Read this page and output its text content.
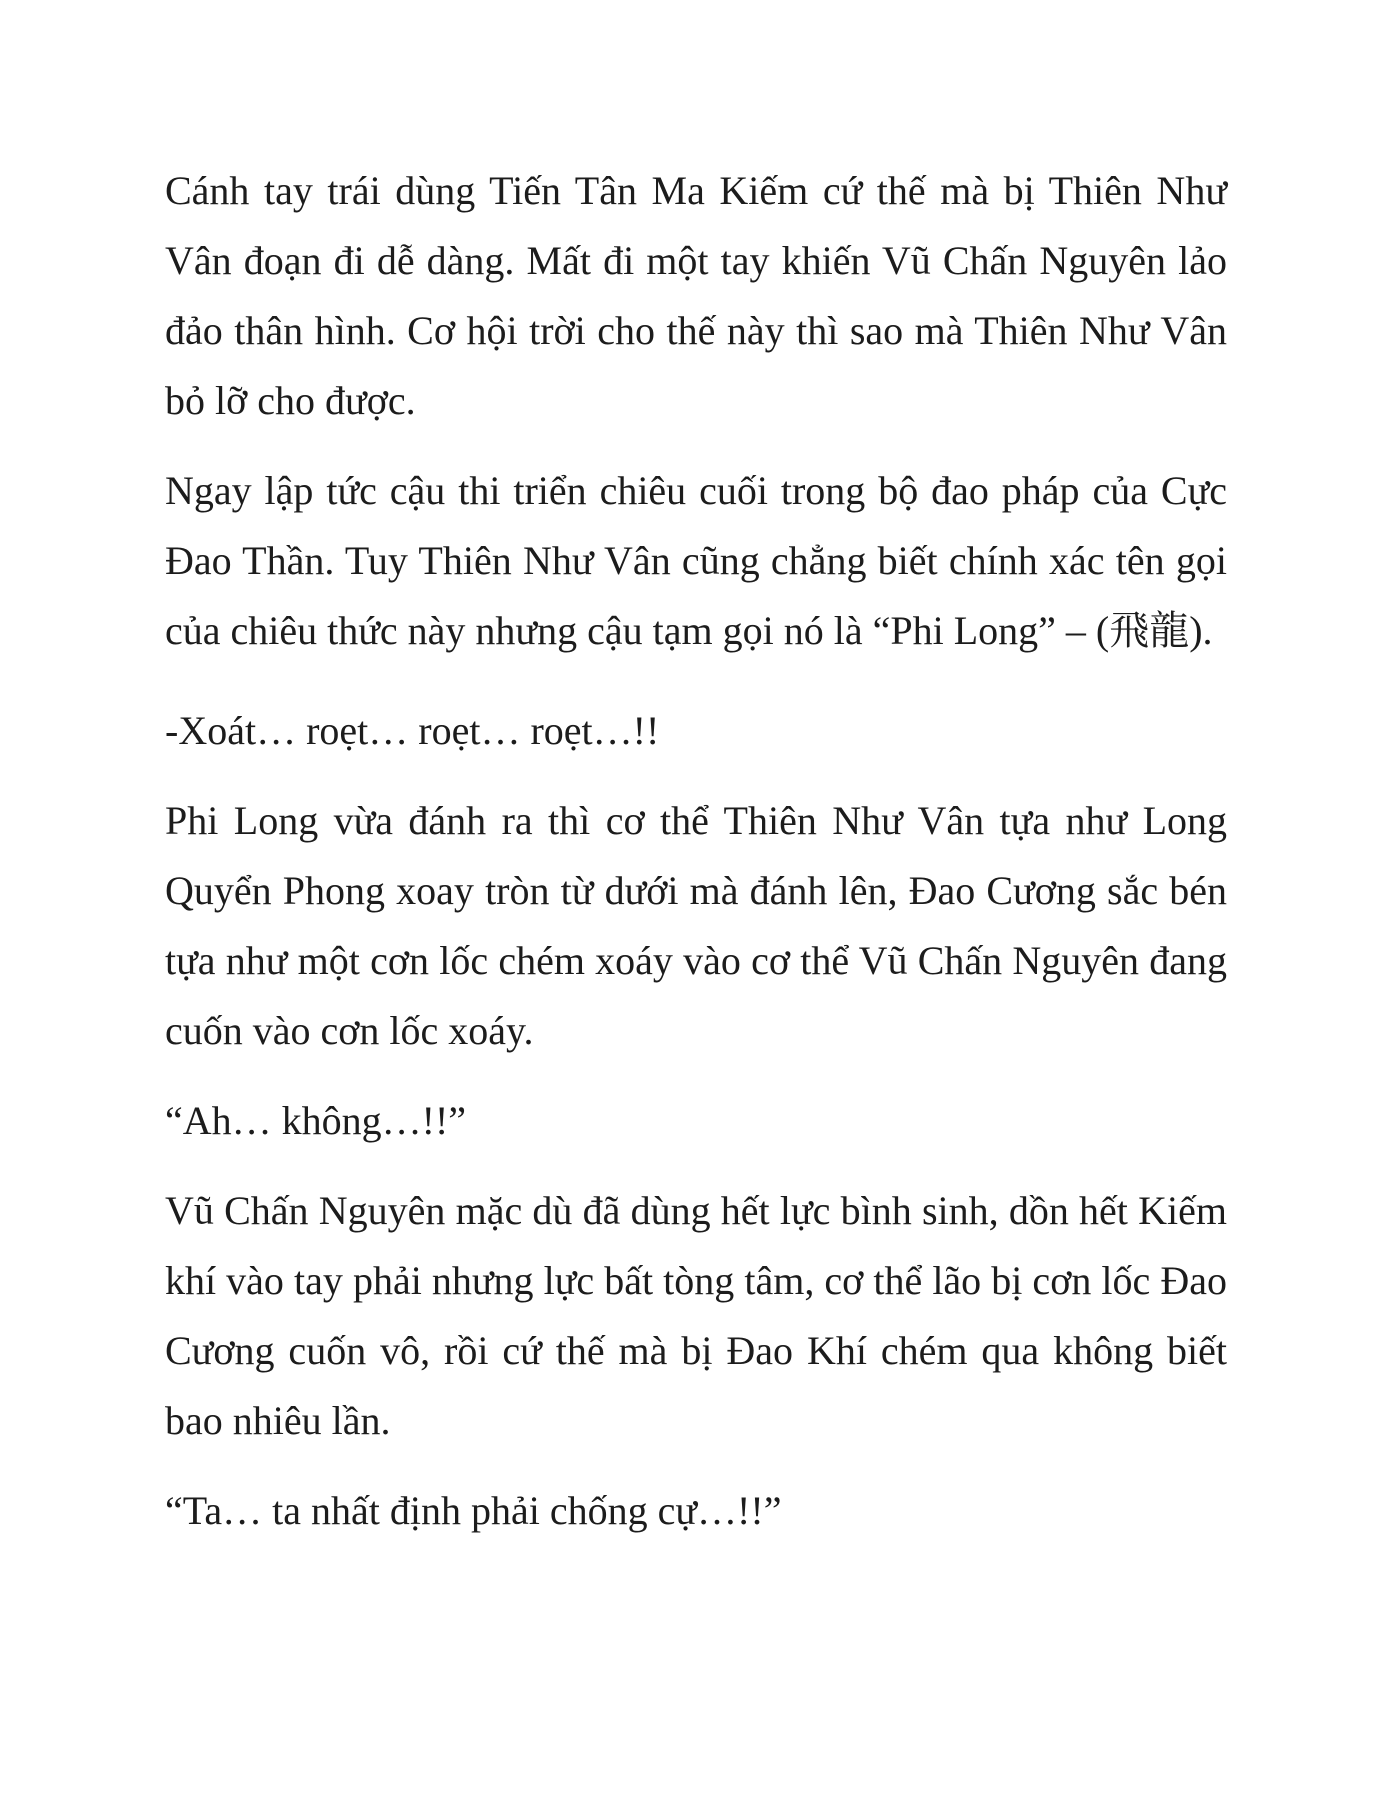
Cánh tay trái dùng Tiến Tân Ma Kiếm cứ thế mà bị Thiên Như Vân đoạn đi dễ dàng. Mất đi một tay khiến Vũ Chấn Nguyên lảo đảo thân hình. Cơ hội trời cho thế này thì sao mà Thiên Như Vân bỏ lỡ cho được.

Ngay lập tức cậu thi triển chiêu cuối trong bộ đao pháp của Cực Đao Thần. Tuy Thiên Như Vân cũng chẳng biết chính xác tên gọi của chiêu thức này nhưng cậu tạm gọi nó là “Phi Long” – (飛龍).

-Xoát… roẹt… roẹt… roẹt…!!

Phi Long vừa đánh ra thì cơ thể Thiên Như Vân tựa như Long Quyển Phong xoay tròn từ dưới mà đánh lên, Đao Cương sắc bén tựa như một cơn lốc chém xoáy vào cơ thể Vũ Chấn Nguyên đang cuốn vào cơn lốc xoáy.

“Ah… không…!!”

Vũ Chấn Nguyên mặc dù đã dùng hết lực bình sinh, dồn hết Kiếm khí vào tay phải nhưng lực bất tòng tâm, cơ thể lão bị cơn lốc Đao Cương cuốn vô, rồi cứ thế mà bị Đao Khí chém qua không biết bao nhiêu lần.

“Ta… ta nhất định phải chống cự…!!”
